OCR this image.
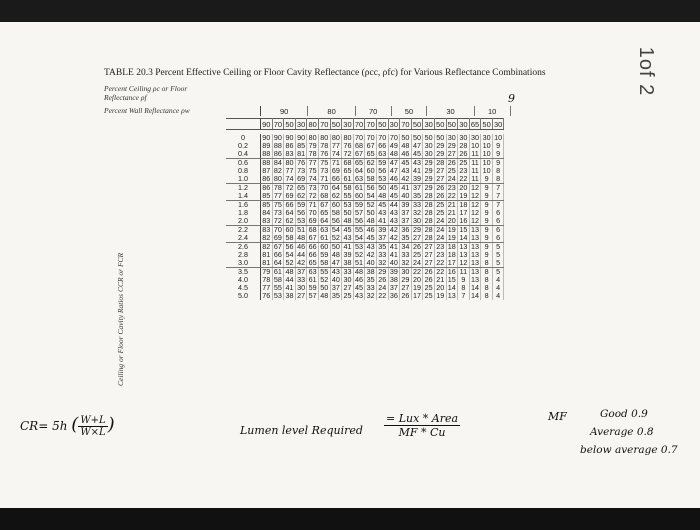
1of 2
TABLE 20.3 Percent Effective Ceiling or Floor Cavity Reflectance (ρcc, ρfc) for Various Reflectance Combinations
Percent Ceiling ρc or Floor Reflectance ρf
Percent Wall Reflectance ρw
9
	90	80	70	50	30	10
	90	70	50	30	80	70	50	30	70	70	50	30	70	50	30	50	50	30	65	50	30
0	90	90	90	90	80	80	80	80	70	70	70	70	50	50	50	50	30	30	30	30	10
0.2	89	88	86	85	79	78	77	76	68	67	66	49	48	47	30	29	29	28	10	10	9
0.4	88	86	83	81	78	76	74	72	67	65	63	48	46	45	30	29	27	26	11	10	9
0.6	88	84	80	76	77	75	71	68	65	62	59	47	45	43	29	28	26	25	11	10	9
0.8	87	82	77	73	75	73	69	65	64	60	56	47	43	41	29	27	25	23	11	10	8
1.0	86	80	74	69	74	71	66	61	63	58	53	46	42	39	29	27	24	22	11	9	8
1.2	86	78	72	65	73	70	64	58	61	56	50	45	41	37	29	26	23	20	12	9	7
1.4	85	77	69	62	72	68	62	55	60	54	48	45	40	35	28	26	22	19	12	9	7
1.6	85	75	66	59	71	67	60	53	59	52	45	44	39	33	28	25	21	18	12	9	7
1.8	84	73	64	56	70	65	58	50	57	50	43	43	37	32	28	25	21	17	12	9	6
2.0	83	72	62	53	69	64	56	48	56	48	41	43	37	30	28	24	20	16	12	9	6
2.2	83	70	60	51	68	63	54	45	55	46	39	42	36	29	28	24	19	15	13	9	6
2.4	82	69	58	48	67	61	52	43	54	45	37	42	35	27	28	24	19	14	13	9	6
2.6	82	67	56	46	66	60	50	41	53	43	35	41	34	26	27	23	18	13	13	9	5
2.8	81	66	54	44	66	59	48	39	52	42	33	41	33	25	27	23	18	13	13	9	5
3.0	81	64	52	42	65	58	47	38	51	40	32	40	32	24	27	22	17	12	13	8	5
3.5	79	61	48	37	63	55	43	33	48	38	29	39	30	22	26	22	16	11	13	8	5
4.0	78	58	44	33	61	52	40	30	46	35	26	38	29	20	26	21	15	9	13	8	4
4.5	77	55	41	30	59	50	37	27	45	33	24	37	27	19	25	20	14	8	14	8	4
5.0	76	53	38	27	57	48	35	25	43	32	22	36	26	17	25	19	13	7	14	8	4
Ceiling or Floor Cavity Ratios CCR or FCR
CR= 5h ( $\frac{W+L}{W\times L}$ )	Lumen level Required $\frac{\text{= Lux * Area}}{MF * Cu}$	MF	Good 0.9
Average 0.8
below average 0.7
